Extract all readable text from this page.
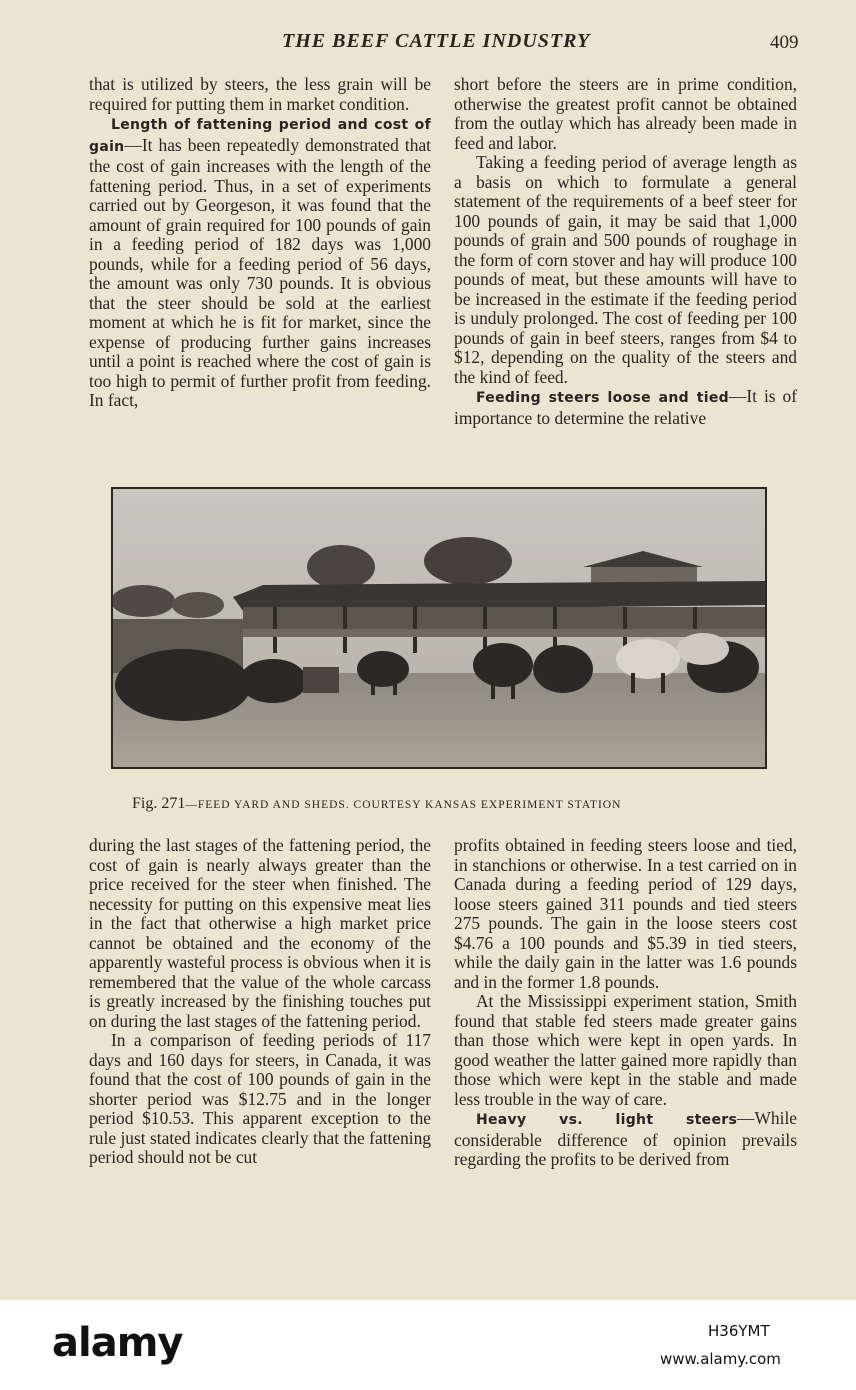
THE BEEF CATTLE INDUSTRY	409

that is utilized by steers, the less grain will be required for putting them in market condition.

Length of fattening period and cost of gain—It has been repeatedly demonstrated that the cost of gain increases with the length of the fattening period. Thus, in a set of experiments carried out by Georgeson, it was found that the amount of grain required for 100 pounds of gain in a feeding period of 182 days was 1,000 pounds, while for a feeding period of 56 days, the amount was only 730 pounds. It is obvious that the steer should be sold at the earliest moment at which he is fit for market, since the expense of producing further gains increases until a point is reached where the cost of gain is too high to permit of further profit from feeding. In fact,

short before the steers are in prime condition, otherwise the greatest profit cannot be obtained from the outlay which has already been made in feed and labor.

Taking a feeding period of average length as a basis on which to formulate a general statement of the requirements of a beef steer for 100 pounds of gain, it may be said that 1,000 pounds of grain and 500 pounds of roughage in the form of corn stover and hay will produce 100 pounds of meat, but these amounts will have to be increased in the estimate if the feeding period is unduly prolonged. The cost of feeding per 100 pounds of gain in beef steers, ranges from $4 to $12, depending on the quality of the steers and the kind of feed.

Feeding steers loose and tied—It is of importance to determine the relative

Fig. 271—FEED YARD AND SHEDS. COURTESY KANSAS EXPERIMENT STATION

during the last stages of the fattening period, the cost of gain is nearly always greater than the price received for the steer when finished. The necessity for putting on this expensive meat lies in the fact that otherwise a high market price cannot be obtained and the economy of the apparently wasteful process is obvious when it is remembered that the value of the whole carcass is greatly increased by the finishing touches put on during the last stages of the fattening period.

In a comparison of feeding periods of 117 days and 160 days for steers, in Canada, it was found that the cost of 100 pounds of gain in the shorter period was $12.75 and in the longer period $10.53. This apparent exception to the rule just stated indicates clearly that the fattening period should not be cut

profits obtained in feeding steers loose and tied, in stanchions or otherwise. In a test carried on in Canada during a feeding period of 129 days, loose steers gained 311 pounds and tied steers 275 pounds. The gain in the loose steers cost $4.76 a 100 pounds and $5.39 in tied steers, while the daily gain in the latter was 1.6 pounds and in the former 1.8 pounds.

At the Mississippi experiment station, Smith found that stable fed steers made greater gains than those which were kept in open yards. In good weather the latter gained more rapidly than those which were kept in the stable and made less trouble in the way of care.

Heavy vs. light steers—While considerable difference of opinion prevails regarding the profits to be derived from

alamy	H36YMT
www.alamy.com
